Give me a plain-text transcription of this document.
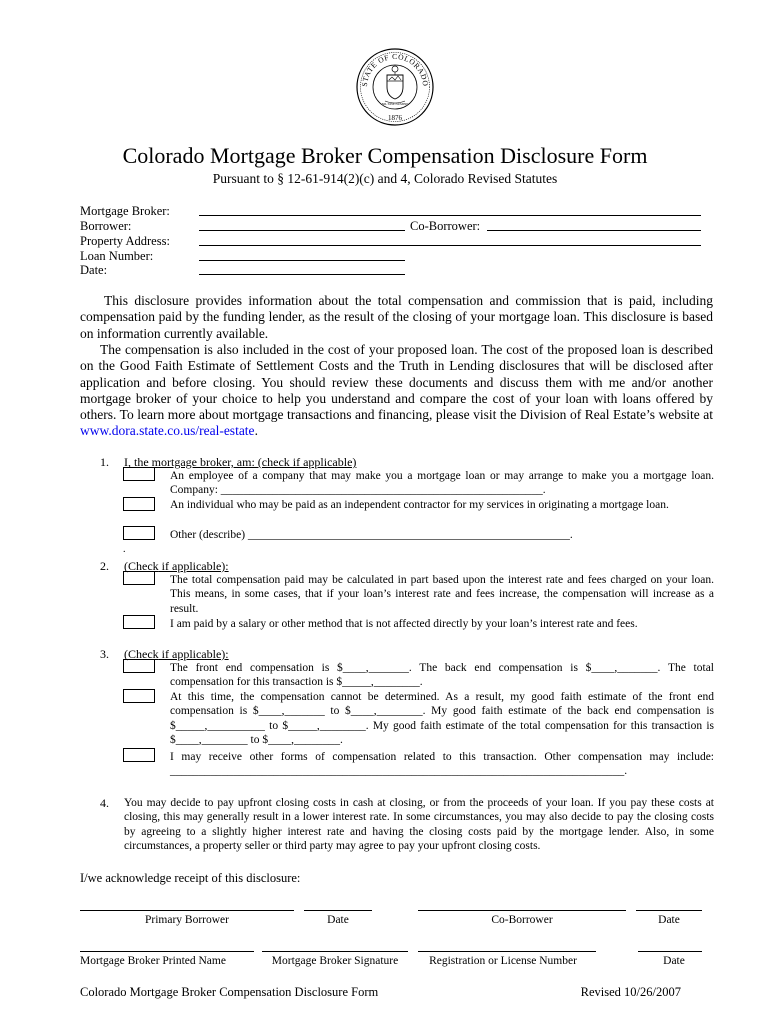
STATE OF COLORADO
NIL SINE NUMINE
1876
Colorado Mortgage Broker Compensation Disclosure Form
Pursuant to § 12-61-914(2)(c) and 4, Colorado Revised Statutes
Mortgage Broker:
Borrower:	Co-Borrower:
Property Address:
Loan Number:
Date:

This disclosure provides information about the total compensation and commission that is paid, including compensation paid by the funding lender, as the result of the closing of your mortgage loan. This disclosure is based on information currently available.

The compensation is also included in the cost of your proposed loan. The cost of the proposed loan is described on the Good Faith Estimate of Settlement Costs and the Truth in Lending disclosures that will be disclosed after application and before closing. You should review these documents and discuss them with me and/or another mortgage broker of your choice to help you understand and compare the cost of your loan with loans offered by others. To learn more about mortgage transactions and financing, please visit the Division of Real Estate’s website at www.dora.state.co.us/real-estate.

1. I, the mortgage broker, am: (check if applicable)

An employee of a company that may make you a mortgage loan or may arrange to make you a mortgage loan. Company: ________________________________________________________.

An individual who may be paid as an independent contractor for my services in originating a mortgage loan.

Other (describe) ________________________________________________________.

.
2. (Check if applicable):

The total compensation paid may be calculated in part based upon the interest rate and fees charged on your loan. This means, in some cases, that if your loan’s interest rate and fees increase, the compensation will increase as a result.

I am paid by a salary or other method that is not affected directly by your loan’s interest rate and fees.

3. (Check if applicable):

The front end compensation is $____,_______. The back end compensation is $____,_______. The total compensation for this transaction is $_____,________.

At this time, the compensation cannot be determined. As a result, my good faith estimate of the front end compensation is $____,_______ to $____,________. My good faith estimate of the back end compensation is $_____,__________ to $_____,________. My good faith estimate of the total compensation for this transaction is $____,________ to $____,________.

I may receive other forms of compensation related to this transaction. Other compensation may include: _______________________________________________________________________________.

4. You may decide to pay upfront closing costs in cash at closing, or from the proceeds of your loan. If you pay these costs at closing, this may generally result in a lower interest rate. In some circumstances, you may also decide to pay the closing costs by agreeing to a slightly higher interest rate and having the closing costs paid by the mortgage lender. Also, in some circumstances, a property seller or third party may agree to pay your upfront closing costs.

I/we acknowledge receipt of this disclosure:
Primary Borrower	Date	Co-Borrower	Date
Mortgage Broker Printed Name	Mortgage Broker Signature	Registration or License Number	Date
Colorado Mortgage Broker Compensation Disclosure Form	Revised 10/26/2007
